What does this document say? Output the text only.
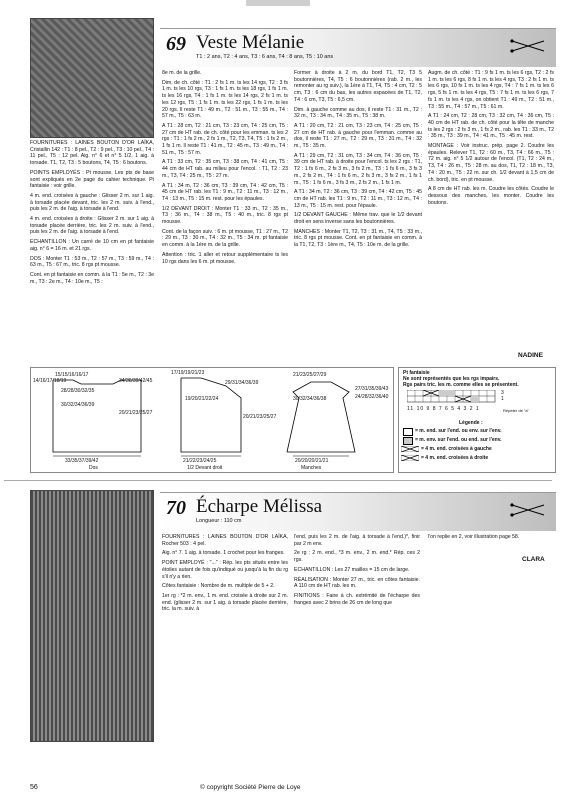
69 Veste Mélanie
T1 : 2 ans, T2 : 4 ans, T3 : 6 ans, T4 : 8 ans, T5 : 10 ans

FOURNITURES : LAINES BOUTON D'OR LAÏKA, Cristallin 142 : T1 : 8 pel., T2 : 9 pel., T3 : 10 pel., T4 : 11 pel., T5 : 12 pel. Aig. n° 6 et n° 5 1/2. 1 aig. à torsade. T1, T2, T3 : 5 boutons, T4, T5 : 6 boutons.

POINTS EMPLOYÉS : Pt mousse. Les pts de base sont expliqués en 2e page du cahier technique. Pt fantaisie : voir grille.

4 m. end. croisées à gauche : Glisser 2 m. sur 1 aig. à torsade placée devant, tric. les 2 m. suiv. à l'end., puis les 2 m. de l'aig. à torsade à l'end.

4 m. end. croisées à droite : Glisser 2 m. sur 1 aig. à torsade placée derrière, tric. les 2 m. suiv. à l'end., puis les 2 m. de l'aig. à torsade à l'end.

ECHANTILLON : Un carré de 10 cm en pt fantaisie aig. n° 6 = 16 m. et 21 rgs.

DOS : Monter T1 : 53 m., T2 : 57 m., T3 : 59 m., T4 : 63 m., T5 : 67 m., tric. 8 rgs pt mousse.

Cont. en pt fantaisie en comm. à la T1 : 5e m., T2 : 3e m., T3 : 2e m., T4 : 10e m., T5 :

8e m. de la grille.

Dim. de ch. côté : T1 : 2 fs 1 m. ts les 14 rgs, T2 : 3 fs 1 m. ts les 10 rgs, T3 : 1 fs 1 m. ts les 18 rgs, 1 fs 1 m. ts les 16 rgs, T4 : 1 fs 1 m. ts les 14 rgs, 2 fs 1 m. ts les 12 rgs, T5 : 1 fs 1 m. ts les 22 rgs, 1 fs 1 m. ts les 20 rgs. Il reste T1 : 49 m., T2 : 51 m., T3 : 55 m., T4 : 57 m., T5 : 63 m.

A T1 : 28 cm, T2 : 21 cm, T3 : 23 cm, T4 : 25 cm, T5 : 27 cm de HT rab. de ch. côté pour les emman. ts les 2 rgs : T1 : 1 fs 2 m., 2 fs 1 m., T2, T3, T4, T5 : 1 fs 2 m., 1 fs 1 m. Il reste T1 : 41 m., T2 : 45 m., T3 : 49 m., T4 : 51 m., T5 : 57 m.

A T1 : 33 cm, T2 : 35 cm, T3 : 38 cm, T4 : 41 cm, T5 : 44 cm de HT rab. au milieu pour l'encol. : T1, T2 : 23 m., T3, T4 : 25 m., T5 : 27 m.

A T1 : 34 m, T2 : 36 cm, T3 : 39 cm, T4 : 42 cm, T5 : 45 cm de HT rab. les T1 : 9 m., T2 : 11 m., T3 : 12 m., T4 : 13 m., T5 : 15 m. rest. pour les épaules.

1/2 DEVANT DROIT : Monter T1 : 33 m., T2 : 35 m., T3 : 36 m., T4 : 38 m., T5 : 40 m., tric. 8 rgs pt mousse.

Cont. de la façon suiv. : 6 m. pt mousse, T1 : 27 m., T2 : 29 m., T3 : 30 m., T4 : 32 m., T5 : 34 m. pt fantaisie en comm. à la 1ère m. de la grille.

Attention : tric. 1 aller et retour supplémentaire ts les 10 rgs dans les 6 m. pt mousse.

Former à droite à 2 m. du bord T1, T2, T3 5 boutonnières, T4, T5 : 6 boutonnières (rab. 2 m., les remonter au rg suiv.), la 1ère à T1, T4, T5 : 4 cm, T2 : 5 cm, T3 : 6 cm du bas, les autres espacées de T1, T2, T4 : 6 cm, T3, T5 : 6,5 cm.

Dim. à gauche comme au dos, il reste T1 : 31 m., T2 : 32 m., T3 : 34 m., T4 : 35 m., T5 : 38 m.

A T1 : 20 cm, T2 : 21 cm, T3 : 23 cm, T4 : 25 cm, T5 : 27 cm de HT rab. à gauche pour l'emman. comme au dos, il reste T1 : 27 m., T2 : 29 m., T3 : 31 m., T4 : 32 m., T5 : 35 m.

A T1 : 29 cm, T2 : 31 cm, T3 : 34 cm, T4 : 36 cm, T5 : 39 cm de HT rab. à droite pour l'encol. ts les 2 rgs : T1, T2 : 1 fs 6 m., 2 fs 3 m., 3 fs 2 m., T3 : 1 fs 6 m., 3 fs 3 m., 2 fs 2 m., T4 : 1 fs 6 m., 2 fs 3 m., 3 fs 2 m., 1 fs 1 m., T5 : 1 fs 6 m., 3 fs 3 m., 2 fs 2 m., 1 fs 1 m.

A T1 : 34 m, T2 : 36 cm, T3 : 39 cm, T4 : 42 cm, T5 : 45 cm de HT rab. les T1 : 9 m., T2 : 11 m., T3 : 12 m., T4 : 13 m., T5 : 15 m. rest. pour l'épaule.

1/2 DEVANT GAUCHE : Même trav. que le 1/2 devant droit en sens inverse sans les boutonnières.

MANCHES : Monter T1, T2, T3 : 31 m., T4, T5 : 33 m., tric. 8 rgs pt mousse. Cont. en pt fantaisie en comm. à la T1, T2, T3 : 1ère m., T4, T5 : 10e m. de la grille.

Augm. de ch. côté : T1 : 9 fs 1 m. ts les 6 rgs, T2 : 2 fs 1 m. ts les 6 rgs, 8 fs 1 m. ts les 4 rgs, T3 : 2 fs 1 m. ts les 6 rgs, 10 fs 1 m. ts les 4 rgs, T4 : 7 fs 1 m. ts les 6 rgs, 5 fs 1 m. ts les 4 rgs, T5 : 7 fs 1 m. ts les 6 rgs, 7 fs 1 m. ts les 4 rgs, on obtient T1 : 49 m., T2 : 51 m., T3 : 55 m., T4 : 57 m., T5 : 61 m.

A T1 : 24 cm, T2 : 28 cm, T3 : 32 cm, T4 : 36 cm, T5 : 40 cm de HT rab. de ch. côté pour la tête de manche ts les 2 rgs : 2 fs 3 m., 1 fs 2 m., rab. les T1 : 33 m., T2 : 35 m., T3 : 39 m., T4 : 41 m., T5 : 45 m. rest.

MONTAGE : Voir instruc. prép. page 2. Coudre les épaules. Relever T1, T2 : 60 m., T3, T4 : 66 m., T5 : 72 m. aig. n° 5 1/2 autour de l'encol. (T1, T2 : 24 m., T3, T4 : 26 m., T5 : 28 m. au dos, T1, T2 : 18 m., T3, T4 : 20 m., T5 : 22 m. sur ch. 1/2 devant à 1,5 cm de ch. bord), tric. en pt mousse.

A 8 cm de HT rab. les m. Coudre les côtés. Coudre le dessous des manches, les monter. Coudre les boutons.

NADINE
15/15/16/16/17
34/36/39/42/45
28/28/30/32/35
30/32/34/36/39
14/16/17/18/19
20/21/23/25/27
33/35/37/39/42
Dos
17/19/19/21/23
19/20/21/22/24
29/31/34/36/39
20/21/23/25/27
21/22/23/24/25
1/2 Devant droit
21/23/25/27/29
30/32/34/36/38
27/31/35/39/43
24/28/32/36/40
20/20/20/21/21
Manches
Pt fantaisie
Ne sont représentés que les rgs impairs.
Rgs pairs tric. les m. comme elles se présentent.
3
1
11 10 9 8 7 6 5 4 3 2 1	Répéter de "a"
Légende :
= m. end. sur l'end. ou env. sur l'env.
= m. env. sur l'end. ou end. sur l'env.
= 4 m. end. croisées à gauche
= 4 m. end. croisées à droite
70 Écharpe Mélissa
Longueur : 110 cm

FOURNITURES : LAINES BOUTON D'OR LAÏKA, Rocher 503 : 4 pel.

Aig. n° 7. 1 aig. à torsade. 1 crochet pour les franges.

POINT EMPLOYÉ : "..." : Rép. les pts situés entre les étoiles autant de fois qu'indiqué ou jusqu'à la fin du rg s'il n'y a rien.

Côtes fantaisie : Nombre de m. multiple de 5 + 2.

1er rg : *2 m. env., 1 m. end. croisée à droite sur 2 m. end. (glisser 2 m. sur 1 aig. à torsade placée derrière, tric. la m. suiv. à

l'end, puis les 2 m. de l'aig. à torsade à l'end.)*, finir par 2 m env.

2e rg : 2 m. end., *3 m. env., 2 m. end.* Rép. ces 2 rgs.

ECHANTILLON : Les 27 mailles = 15 cm de large.

RÉALISATION : Monter 27 m., tric. en côtes fantaisie. A 110 cm de HT rab. les m.

FINITIONS : Faire à ch. extrémité de l'écharpe des franges avec 2 brins de 26 cm de long que

l'on replie en 2, voir illustration page 58.

CLARA
56	© copyright Société Pierre de Loye
